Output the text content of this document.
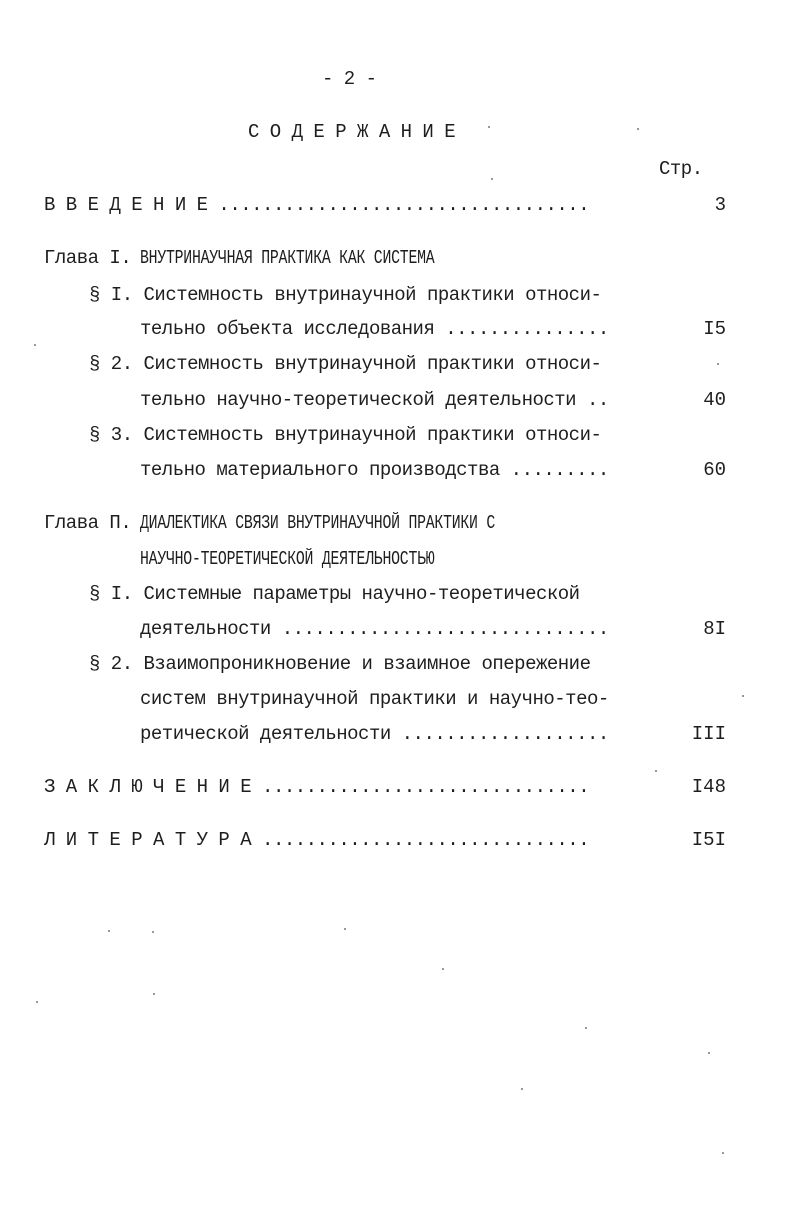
- 2 -
С О Д Е Р Ж А Н И Е
Стр.
В В Е Д Е Н И Е ..................................	3
Глава I. ВНУТРИНАУЧНАЯ ПРАКТИКА КАК СИСТЕМА
§ I. Системность внутринаучной практики относи-
тельно объекта исследования ...............	I5
§ 2. Системность внутринаучной практики относи-
тельно научно-теоретической деятельности ..	40
§ 3. Системность внутринаучной практики относи-
тельно материального производства .........	60
Глава П. ДИАЛЕКТИКА СВЯЗИ ВНУТРИНАУЧНОЙ ПРАКТИКИ С
НАУЧНО-ТЕОРЕТИЧЕСКОЙ ДЕЯТЕЛЬНОСТЬЮ
§ I. Системные параметры научно-теоретической
деятельности ..............................	8I
§ 2. Взаимопроникновение и взаимное опережение
систем внутринаучной практики и научно-тео-
ретической деятельности ...................	III
З А К Л Ю Ч Е Н И Е ..............................	I48
Л И Т Е Р А Т У Р А ..............................	I5I
